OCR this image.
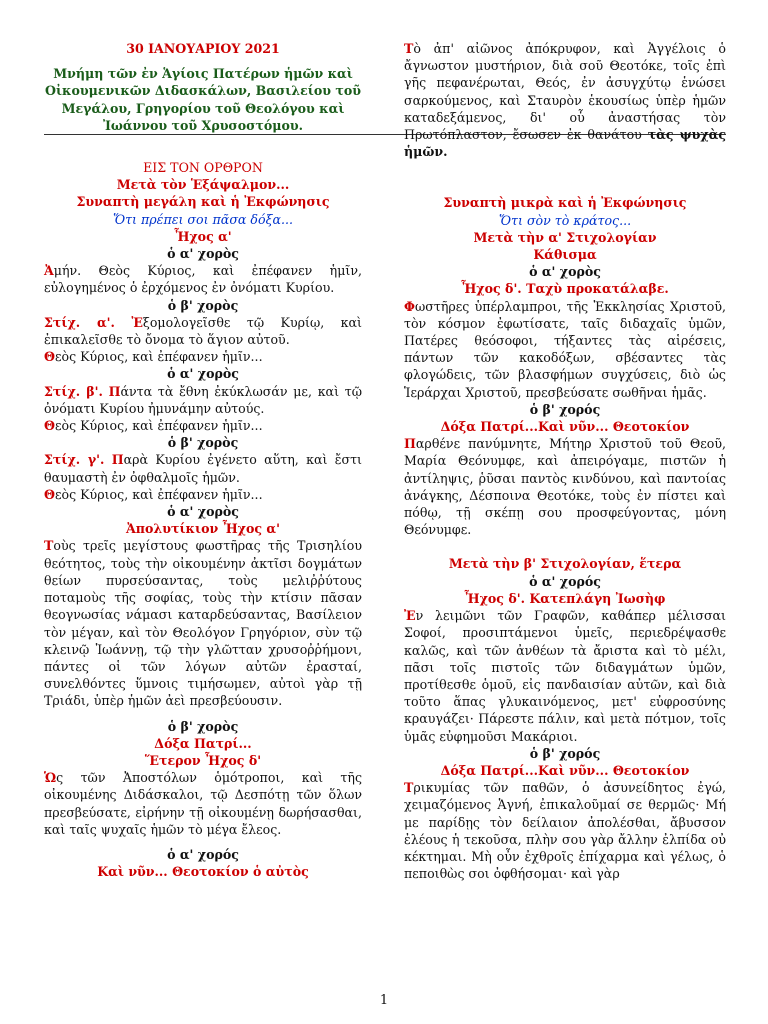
30 ΙΑΝΟΥΑΡΙΟΥ 2021

Μνήμη τῶν ἐν Ἁγίοις Πατέρων ἡμῶν καὶ Οἰκουμενικῶν Διδασκάλων, Βασιλείου τοῦ Μεγάλου, Γρηγορίου τοῦ Θεολόγου καὶ Ἰωάννου τοῦ Χρυσοστόμου.

ΕΙΣ ΤΟΝ ΟΡΘΡΟΝ

Μετὰ τὸν Ἑξάψαλμον...

Συναπτὴ μεγάλη καὶ ἡ Ἐκφώνησις

Ὅτι πρέπει σοι πᾶσα δόξα...

Ἦχος α'

ὁ α' χορὸς

Ἀμήν. Θεὸς Κύριος, καὶ ἐπέφανεν ἡμῖν, εὐλογημένος ὁ ἐρχόμενος ἐν ὀνόματι Κυρίου.

ὁ β' χορὸς

Στίχ. α'. Ἐξομολογεῖσθε τῷ Κυρίῳ, καὶ ἐπικαλεῖσθε τὸ ὄνομα τὸ ἅγιον αὐτοῦ.

Θεὸς Κύριος, καὶ ἐπέφανεν ἡμῖν...

ὁ α' χορὸς

Στίχ. β'. Πάντα τὰ ἔθνη ἐκύκλωσάν με, καὶ τῷ ὀνόματι Κυρίου ἠμυνάμην αὐτούς.

Θεὸς Κύριος, καὶ ἐπέφανεν ἡμῖν...

ὁ β' χορὸς

Στίχ. γ'. Παρὰ Κυρίου ἐγένετο αὕτη, καὶ ἔστι θαυμαστὴ ἐν ὀφθαλμοῖς ἡμῶν.

Θεὸς Κύριος, καὶ ἐπέφανεν ἡμῖν...

ὁ α' χορὸς

Ἀπολυτίκιον Ἦχος α'

Τοὺς τρεῖς μεγίστους φωστῆρας τῆς Τρισηλίου θεότητος, τοὺς τὴν οἰκουμένην ἀκτῖσι δογμάτων θείων πυρσεύσαντας, τοὺς μελιῤῥύτους ποταμοὺς τῆς σοφίας, τοὺς τὴν κτίσιν πᾶσαν θεογνωσίας νάμασι καταρδεύσαντας, Βασίλειον τὸν μέγαν, καὶ τὸν Θεολόγον Γρηγόριον, σὺν τῷ κλεινῷ Ἰωάννῃ, τῷ τὴν γλῶτταν χρυσοῤῥήμονι, πάντες οἱ τῶν λόγων αὐτῶν ἐρασταί, συνελθόντες ὕμνοις τιμήσωμεν, αὐτοὶ γὰρ τῇ Τριάδι, ὑπὲρ ἡμῶν ἀεὶ πρεσβεύουσιν.

ὁ β' χορὸς

Δόξα Πατρί...

Ἕτερον Ἦχος δ'

Ὡς τῶν Ἀποστόλων ὁμότροποι, καὶ τῆς οἰκουμένης Διδάσκαλοι, τῷ Δεσπότῃ τῶν ὅλων πρεσβεύσατε, εἰρήνην τῇ οἰκουμένῃ δωρήσασθαι, καὶ ταῖς ψυχαῖς ἡμῶν τὸ μέγα ἔλεος.

ὁ α' χορός

Καὶ νῦν... Θεοτοκίον ὁ αὐτὸς

Τὸ ἀπ' αἰῶνος ἀπόκρυφον, καὶ Ἀγγέλοις ὁ ἄγνωστον μυστήριον, διὰ σοῦ Θεοτόκε, τοῖς ἐπὶ γῆς πεφανέρωται, Θεός, ἐν ἀσυγχύτῳ ἑνώσει σαρκούμενος, καὶ Σταυρὸν ἑκουσίως ὑπὲρ ἡμῶν καταδεξάμενος, δι' οὗ ἀναστήσας τὸν Πρωτόπλαστον, ἔσωσεν ἐκ θανάτου τὰς ψυχὰς ἡμῶν.

Συναπτὴ μικρὰ καὶ ἡ Ἐκφώνησις

Ὅτι σὸν τὸ κράτος...

Μετὰ τὴν α' Στιχολογίαν

Κάθισμα

ὁ α' χορὸς

Ἦχος δ'. Ταχὺ προκατάλαβε.

Φωστῆρες ὑπέρλαμπροι, τῆς Ἐκκλησίας Χριστοῦ, τὸν κόσμον ἐφωτίσατε, ταῖς διδαχαῖς ὑμῶν, Πατέρες θεόσοφοι, τήξαντες τὰς αἱρέσεις, πάντων τῶν κακοδόξων, σβέσαντες τὰς φλογώδεις, τῶν βλασφήμων συγχύσεις, διὸ ὡς Ἱεράρχαι Χριστοῦ, πρεσβεύσατε σωθῆναι ἡμᾶς.

ὁ β' χορός

Δόξα Πατρί...Καὶ νῦν... Θεοτοκίον

Παρθένε πανύμνητε, Μήτηρ Χριστοῦ τοῦ Θεοῦ, Μαρία Θεόνυμφε, καὶ ἀπειρόγαμε, πιστῶν ἡ ἀντίληψις, ῥῦσαι παντὸς κινδύνου, καὶ παντοίας ἀνάγκης, Δέσποινα Θεοτόκε, τοὺς ἐν πίστει καὶ πόθῳ, τῇ σκέπῃ σου προσφεύγοντας, μόνη Θεόνυμφε.

Μετὰ τὴν β' Στιχολογίαν, ἕτερα

ὁ α' χορός

Ἦχος δ'. Κατεπλάγη Ἰωσὴφ

Ἐν λειμῶνι τῶν Γραφῶν, καθάπερ μέλισσαι Σοφοί, προσιπτάμενοι ὑμεῖς, περιεδρέψασθε καλῶς, καὶ τῶν ἀνθέων τὰ ἄριστα καὶ τὸ μέλι, πᾶσι τοῖς πιστοῖς τῶν διδαγμάτων ὑμῶν, προτίθεσθε ὁμοῦ, εἰς πανδαισίαν αὐτῶν, καὶ διὰ τοῦτο ἅπας γλυκαινόμενος, μετ' εὐφροσύνης κραυγάζει· Πάρεστε πάλιν, καὶ μετὰ πότμον, τοῖς ὑμᾶς εὐφημοῦσι Μακάριοι.

ὁ β' χορός

Δόξα Πατρί...Καὶ νῦν... Θεοτοκίον

Τρικυμίας τῶν παθῶν, ὁ ἀσυνείδητος ἐγώ, χειμαζόμενος Ἁγνή, ἐπικαλοῦμαί σε θερμῶς· Μή με παρίδῃς τὸν δείλαιον ἀπολέσθαι, ἄβυσσον ἐλέους ἡ τεκοῦσα, πλὴν σου γὰρ ἄλλην ἐλπίδα οὐ κέκτημαι. Μὴ οὖν ἐχθροῖς ἐπίχαρμα καὶ γέλως, ὁ πεποιθὼς σοι ὀφθήσομαι· καὶ γὰρ

1
